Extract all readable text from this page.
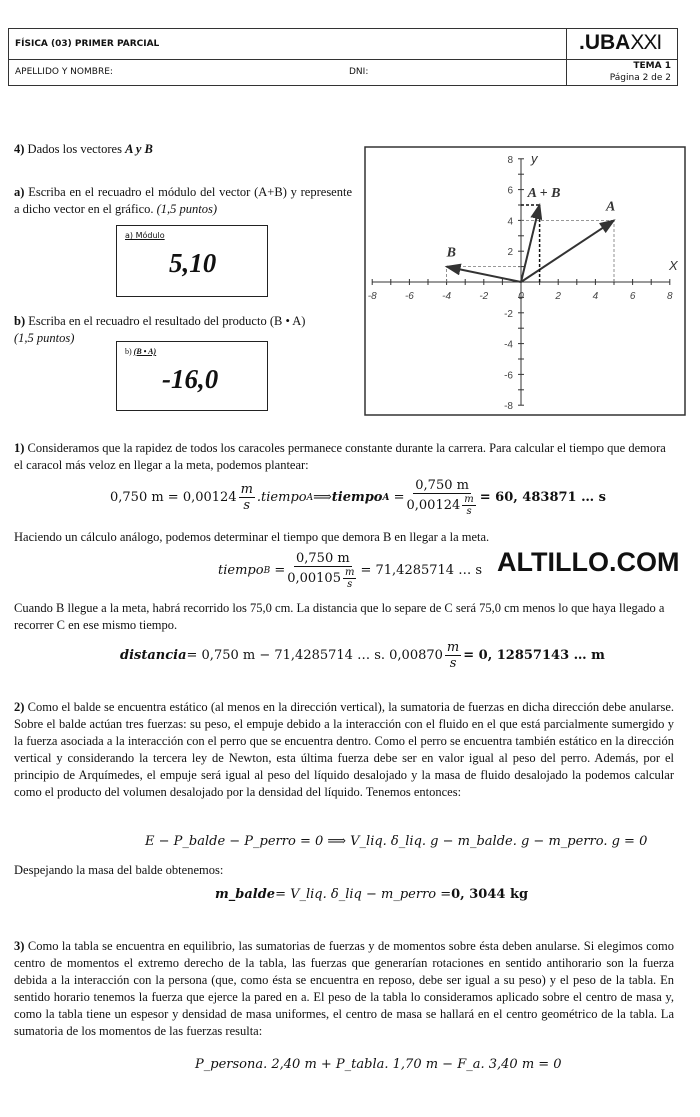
FÍSICA (03) PRIMER PARCIAL	.UBAXXI
APELLIDO Y NOMBRE:	DNI:
TEMA 1
Página 2 de 2
4) Dados los vectores A y B
a) Escriba en el recuadro el módulo del vector (A+B) y represente a dicho vector en el gráfico. (1,5 puntos)
a) Módulo
5,10
b) Escriba en el recuadro el resultado del producto (B • A)
(1,5 puntos)
b) (B • A)
-16,0
-8	-6	-4	-2	0	2	4	6	8
8
6
4
2
-2
-4
-6
-8
X
y
A
B
A + B
1) Consideramos que la rapidez de todos los caracoles permanece constante durante la carrera. Para calcular el tiempo que demora el caracol más veloz en llegar a la meta, podemos plantear:
0,750 $m = 0,00124 \frac{m}{s}$ .tiempo A ⟹ tiempo $A = \frac{0,750 m}{0,00124 \frac{m}{s}} = 60$, 483871 … s
Haciendo un cálculo análogo, podemos determinar el tiempo que demora B en llegar a la meta.
tiempo $B = \frac{0,750 m}{0,00105 \frac{m}{s}} = 71,4285714$ … s ALTILLO.COM
Cuando B llegue a la meta, habrá recorrido los 75,0 cm. La distancia que lo separe de C será 75,0 cm menos lo que haya llegado a recorrer C en ese mismo tiempo.
distancia = 0,750 m − 71,4285714 … s. $0,00870 \frac{m}{s} = 0$, 12857143 … m
2) Como el balde se encuentra estático (al menos en la dirección vertical), la sumatoria de fuerzas en dicha dirección debe anularse. Sobre el balde actúan tres fuerzas: su peso, el empuje debido a la interacción con el fluido en el que está parcialmente sumergido y la fuerza asociada a la interacción con el perro que se encuentra dentro. Como el perro se encuentra también estático en la dirección vertical y considerando la tercera ley de Newton, esta última fuerza debe ser en valor igual al peso del perro. Además, por el principio de Arquímedes, el empuje será igual al peso del líquido desalojado y la masa de fluido desalojado la podemos calcular como el producto del volumen desalojado por la densidad del líquido. Tenemos entonces:
E − P_balde − P_perro = 0 ⟹ V_liq. δ_liq. g − m_balde. g − m_perro. g = 0
Despejando la masa del balde obtenemos:
m_balde = V_liq. δ_liq − m_perro = 0, 3044 kg
3) Como la tabla se encuentra en equilibrio, las sumatorias de fuerzas y de momentos sobre ésta deben anularse. Si elegimos como centro de momentos el extremo derecho de la tabla, las fuerzas que generarían rotaciones en sentido antihorario son la fuerza debida a la interacción con la persona (que, como ésta se encuentra en reposo, debe ser igual a su peso) y el peso de la tabla. En sentido horario tenemos la fuerza que ejerce la pared en a. El peso de la tabla lo consideramos aplicado sobre el centro de masa y, como la tabla tiene un espesor y densidad de masa uniformes, el centro de masa se hallará en el centro geométrico de la tabla. La sumatoria de los momentos de las fuerzas resulta:
P_persona. 2,40 m + P_tabla. 1,70 m − F_a. 3,40 m = 0
